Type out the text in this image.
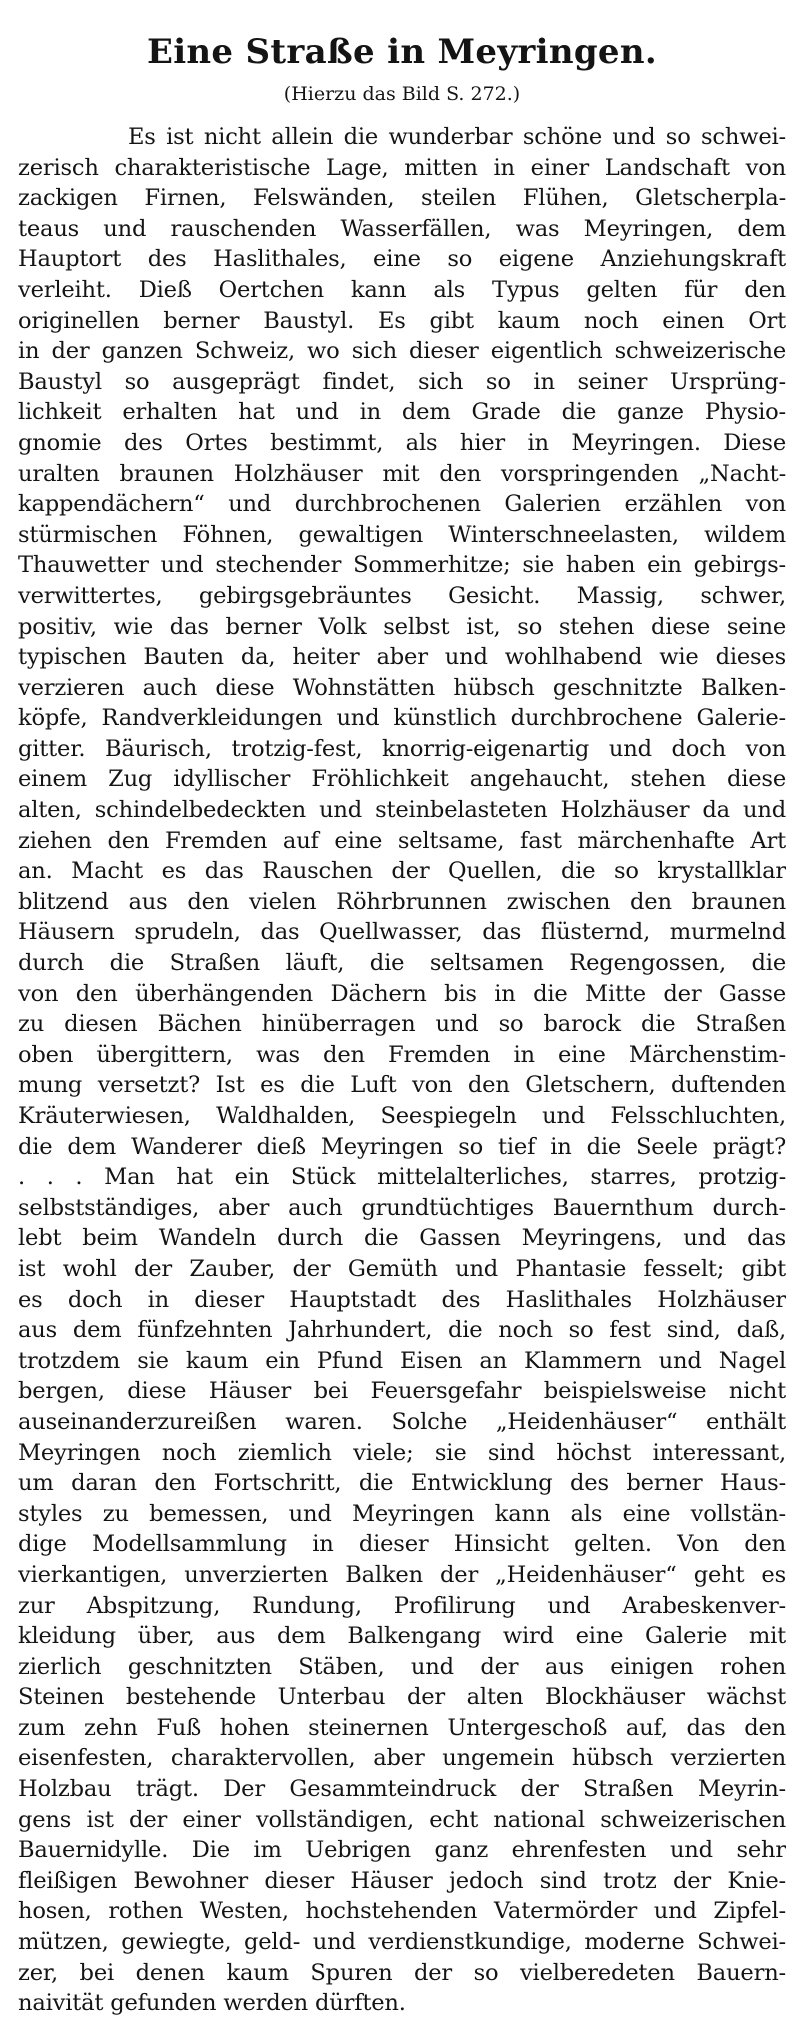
Eine Straße in Meyringen.
(Hierzu das Bild S. 272.)
Es ist nicht allein die wunderbar schöne und so schwei-
zerisch charakteristische Lage, mitten in einer Landschaft von
zackigen Firnen, Felswänden, steilen Flühen, Gletscherpla-
teaus und rauschenden Wasserfällen, was Meyringen, dem
Hauptort des Haslithales, eine so eigene Anziehungskraft
verleiht. Dieß Oertchen kann als Typus gelten für den
originellen berner Baustyl. Es gibt kaum noch einen Ort
in der ganzen Schweiz, wo sich dieser eigentlich schweizerische
Baustyl so ausgeprägt findet, sich so in seiner Ursprüng-
lichkeit erhalten hat und in dem Grade die ganze Physio-
gnomie des Ortes bestimmt, als hier in Meyringen. Diese
uralten braunen Holzhäuser mit den vorspringenden „Nacht-
kappendächern“ und durchbrochenen Galerien erzählen von
stürmischen Föhnen, gewaltigen Winterschneelasten, wildem
Thauwetter und stechender Sommerhitze; sie haben ein gebirgs-
verwittertes, gebirgsgebräuntes Gesicht. Massig, schwer,
positiv, wie das berner Volk selbst ist, so stehen diese seine
typischen Bauten da, heiter aber und wohlhabend wie dieses
verzieren auch diese Wohnstätten hübsch geschnitzte Balken-
köpfe, Randverkleidungen und künstlich durchbrochene Galerie-
gitter. Bäurisch, trotzig-fest, knorrig-eigenartig und doch von
einem Zug idyllischer Fröhlichkeit angehaucht, stehen diese
alten, schindelbedeckten und steinbelasteten Holzhäuser da und
ziehen den Fremden auf eine seltsame, fast märchenhafte Art
an. Macht es das Rauschen der Quellen, die so krystallklar
blitzend aus den vielen Röhrbrunnen zwischen den braunen
Häusern sprudeln, das Quellwasser, das flüsternd, murmelnd
durch die Straßen läuft, die seltsamen Regengossen, die
von den überhängenden Dächern bis in die Mitte der Gasse
zu diesen Bächen hinüberragen und so barock die Straßen
oben übergittern, was den Fremden in eine Märchenstim-
mung versetzt? Ist es die Luft von den Gletschern, duftenden
Kräuterwiesen, Waldhalden, Seespiegeln und Felsschluchten,
die dem Wanderer dieß Meyringen so tief in die Seele prägt?
. . . Man hat ein Stück mittelalterliches, starres, protzig-
selbstständiges, aber auch grundtüchtiges Bauernthum durch-
lebt beim Wandeln durch die Gassen Meyringens, und das
ist wohl der Zauber, der Gemüth und Phantasie fesselt; gibt
es doch in dieser Hauptstadt des Haslithales Holzhäuser
aus dem fünfzehnten Jahrhundert, die noch so fest sind, daß,
trotzdem sie kaum ein Pfund Eisen an Klammern und Nagel
bergen, diese Häuser bei Feuersgefahr beispielsweise nicht
auseinanderzureißen waren. Solche „Heidenhäuser“ enthält
Meyringen noch ziemlich viele; sie sind höchst interessant,
um daran den Fortschritt, die Entwicklung des berner Haus-
styles zu bemessen, und Meyringen kann als eine vollstän-
dige Modellsammlung in dieser Hinsicht gelten. Von den
vierkantigen, unverzierten Balken der „Heidenhäuser“ geht es
zur Abspitzung, Rundung, Profilirung und Arabeskenver-
kleidung über, aus dem Balkengang wird eine Galerie mit
zierlich geschnitzten Stäben, und der aus einigen rohen
Steinen bestehende Unterbau der alten Blockhäuser wächst
zum zehn Fuß hohen steinernen Untergeschoß auf, das den
eisenfesten, charaktervollen, aber ungemein hübsch verzierten
Holzbau trägt. Der Gesammteindruck der Straßen Meyrin-
gens ist der einer vollständigen, echt national schweizerischen
Bauernidylle. Die im Uebrigen ganz ehrenfesten und sehr
fleißigen Bewohner dieser Häuser jedoch sind trotz der Knie-
hosen, rothen Westen, hochstehenden Vatermörder und Zipfel-
mützen, gewiegte, geld- und verdienstkundige, moderne Schwei-
zer, bei denen kaum Spuren der so vielberedeten Bauern-
naivität gefunden werden dürften.
